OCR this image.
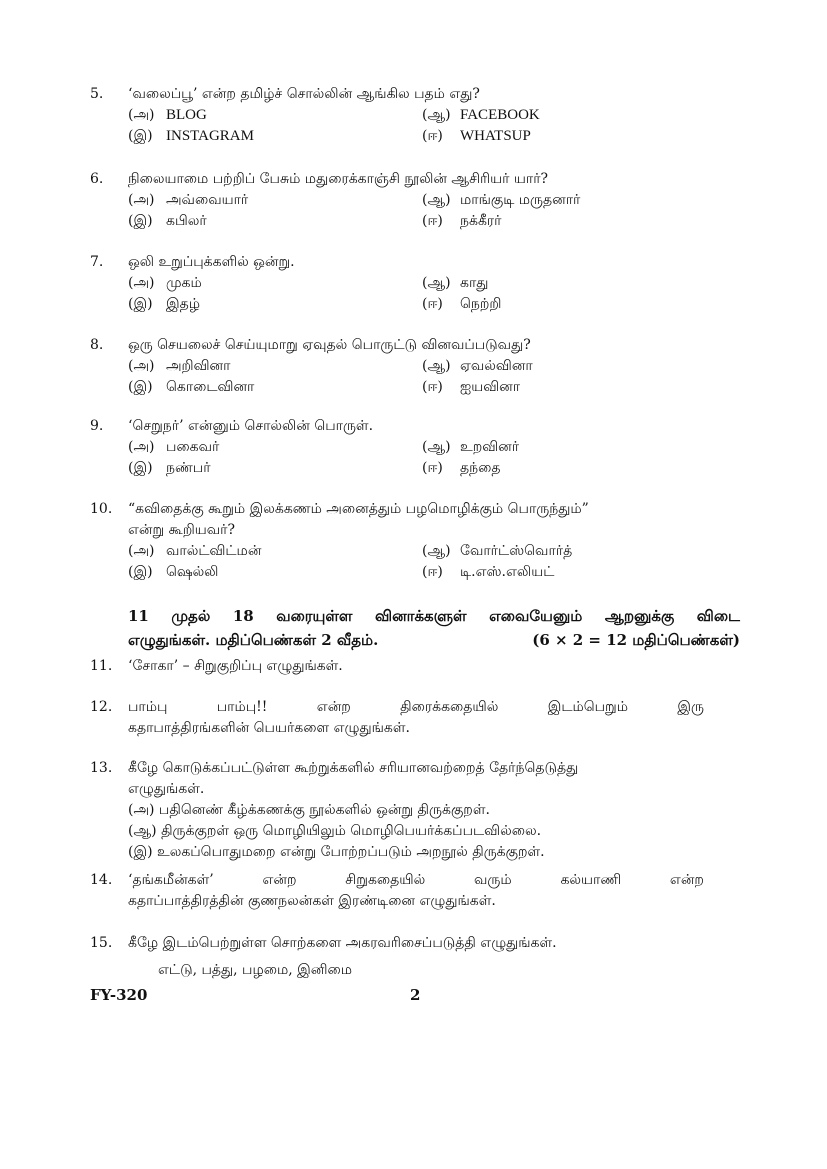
5.	‘வலைப்பூ’ என்ற தமிழ்ச் சொல்லின் ஆங்கில பதம் எது?
(அ) BLOG	(ஆ) FACEBOOK
(இ) INSTAGRAM	(ஈ) WHATSUP
6.	நிலையாமை பற்றிப் பேசும் மதுரைக்காஞ்சி நூலின் ஆசிரியர் யார்?
(அ) அவ்வையார்	(ஆ) மாங்குடி மருதனார்
(இ) கபிலர்	(ஈ) நக்கீரர்
7.	ஒலி உறுப்புக்களில் ஒன்று.
(அ) முகம்	(ஆ) காது
(இ) இதழ்	(ஈ) நெற்றி
8.	ஒரு செயலைச் செய்யுமாறு ஏவுதல் பொருட்டு வினவப்படுவது?
(அ) அறிவினா	(ஆ) ஏவல்வினா
(இ) கொடைவினா	(ஈ) ஐயவினா
9.	‘செறுநர்’ என்னும் சொல்லின் பொருள்.
(அ) பகைவர்	(ஆ) உறவினர்
(இ) நண்பர்	(ஈ) தந்தை
10.	“கவிதைக்கு கூறும் இலக்கணம் அனைத்தும் பழமொழிக்கும் பொருந்தும்”
என்று கூறியவர்?
(அ) வால்ட்விட்மன்	(ஆ) வோர்ட்ஸ்வொர்த்
(இ) ஷெல்லி	(ஈ) டி.எஸ்.எலியட்
11 முதல் 18 வரையுள்ள வினாக்களுள் எவையேனும் ஆறனுக்கு விடை
எழுதுங்கள். மதிப்பெண்கள் 2 வீதம்.	(6 × 2 = 12 மதிப்பெண்கள்)
11.	‘சோகா’ – சிறுகுறிப்பு எழுதுங்கள்.
12.	பாம்பு	பாம்பு!!	என்ற	திரைக்கதையில்	இடம்பெறும்	இரு
கதாபாத்திரங்களின் பெயர்களை எழுதுங்கள்.
13.	கீழே கொடுக்கப்பட்டுள்ள கூற்றுக்களில் சரியானவற்றைத் தேர்ந்தெடுத்து
எழுதுங்கள்.
(அ) பதினெண் கீழ்க்கணக்கு நூல்களில் ஒன்று திருக்குறள்.
(ஆ) திருக்குறள் ஒரு மொழியிலும் மொழிபெயர்க்கப்படவில்லை.
(இ) உலகப்பொதுமறை என்று போற்றப்படும் அறநூல் திருக்குறள்.
14.	‘தங்கமீன்கள்’	என்ற	சிறுகதையில்	வரும்	கல்யாணி	என்ற
கதாப்பாத்திரத்தின் குணநலன்கள் இரண்டினை எழுதுங்கள்.
15.	கீழே இடம்பெற்றுள்ள சொற்களை அகரவரிசைப்படுத்தி எழுதுங்கள்.
எட்டு, பத்து, பழமை, இனிமை
FY-320	2
